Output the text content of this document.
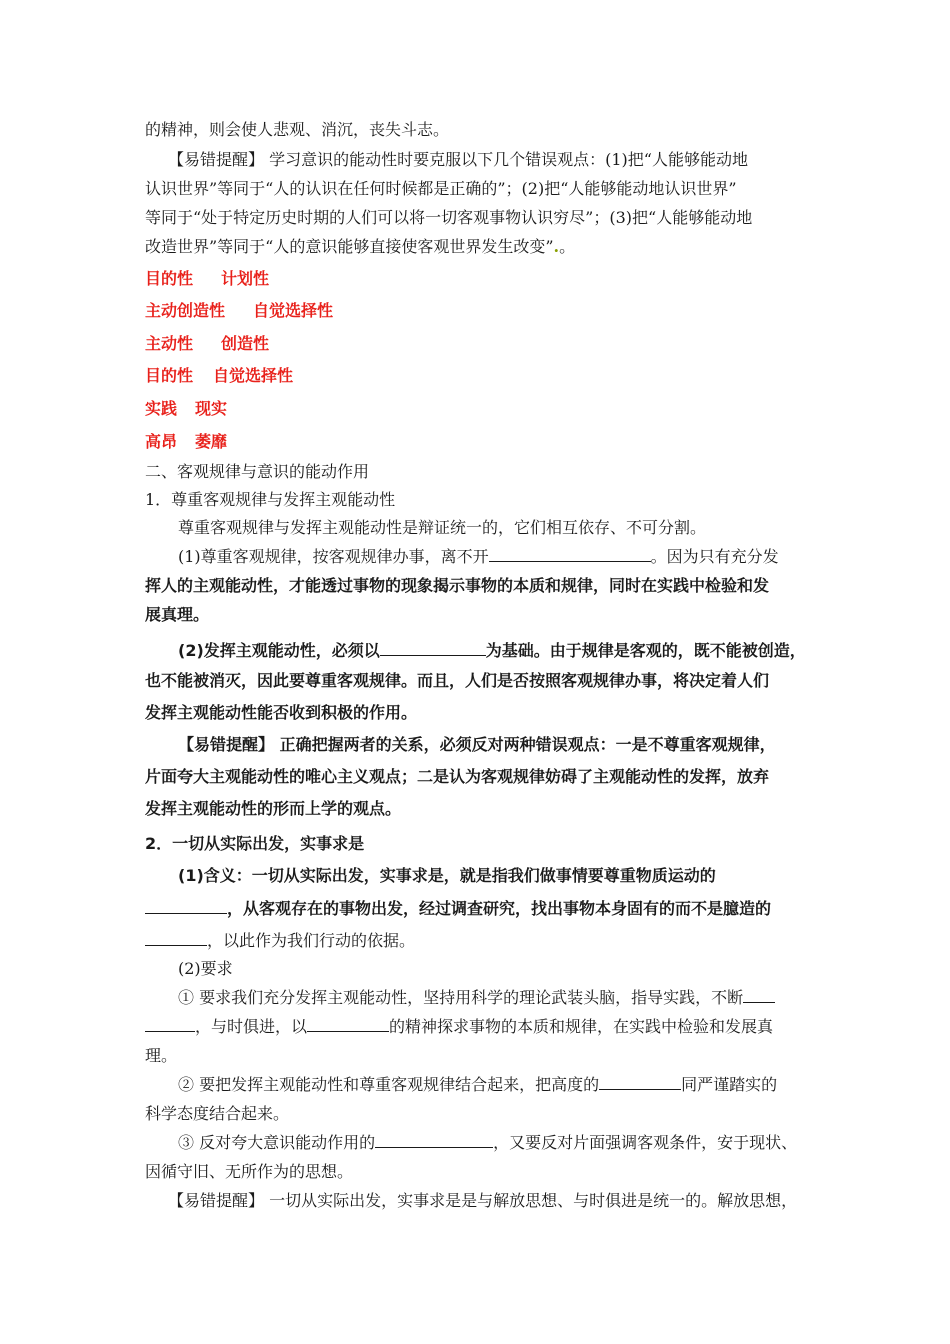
的精神，则会使人悲观、消沉，丧失斗志。
【易错提醒】 学习意识的能动性时要克服以下几个错误观点：(1)把“人能够能动地
认识世界”等同于“人的认识在任何时候都是正确的”；(2)把“人能够能动地认识世界”
等同于“处于特定历史时期的人们可以将一切客观事物认识穷尽”；(3)把“人能够能动地
改造世界”等同于“人的意识能够直接使客观世界发生改变”.。
目的性 计划性
主动创造性 自觉选择性
主动性 创造性
目的性 自觉选择性
实践 现实
高昂 萎靡
二、客观规律与意识的能动作用
1．尊重客观规律与发挥主观能动性
尊重客观规律与发挥主观能动性是辩证统一的，它们相互依存、不可分割。
(1)尊重客观规律，按客观规律办事，离不开	。因为只有充分发
挥人的主观能动性，才能透过事物的现象揭示事物的本质和规律，同时在实践中检验和发
展真理。
(2)发挥主观能动性，必须以	为基础。由于规律是客观的，既不能被创造，
也不能被消灭，因此要尊重客观规律。而且，人们是否按照客观规律办事，将决定着人们
发挥主观能动性能否收到积极的作用。
【易错提醒】 正确把握两者的关系，必须反对两种错误观点：一是不尊重客观规律，
片面夸大主观能动性的唯心主义观点；二是认为客观规律妨碍了主观能动性的发挥，放弃
发挥主观能动性的形而上学的观点。
2．一切从实际出发，实事求是
(1)含义：一切从实际出发，实事求是，就是指我们做事情要尊重物质运动的
，从客观存在的事物出发，经过调查研究，找出事物本身固有的而不是臆造的
，以此作为我们行动的依据。
(2)要求
① 要求我们充分发挥主观能动性，坚持用科学的理论武装头脑，指导实践，不断
，与时俱进，以	的精神探求事物的本质和规律，在实践中检验和发展真
理。
② 要把发挥主观能动性和尊重客观规律结合起来，把高度的	同严谨踏实的
科学态度结合起来。
③ 反对夸大意识能动作用的	，又要反对片面强调客观条件，安于现状、
因循守旧、无所作为的思想。
【易错提醒】 一切从实际出发，实事求是是与解放思想、与时俱进是统一的。解放思想，
